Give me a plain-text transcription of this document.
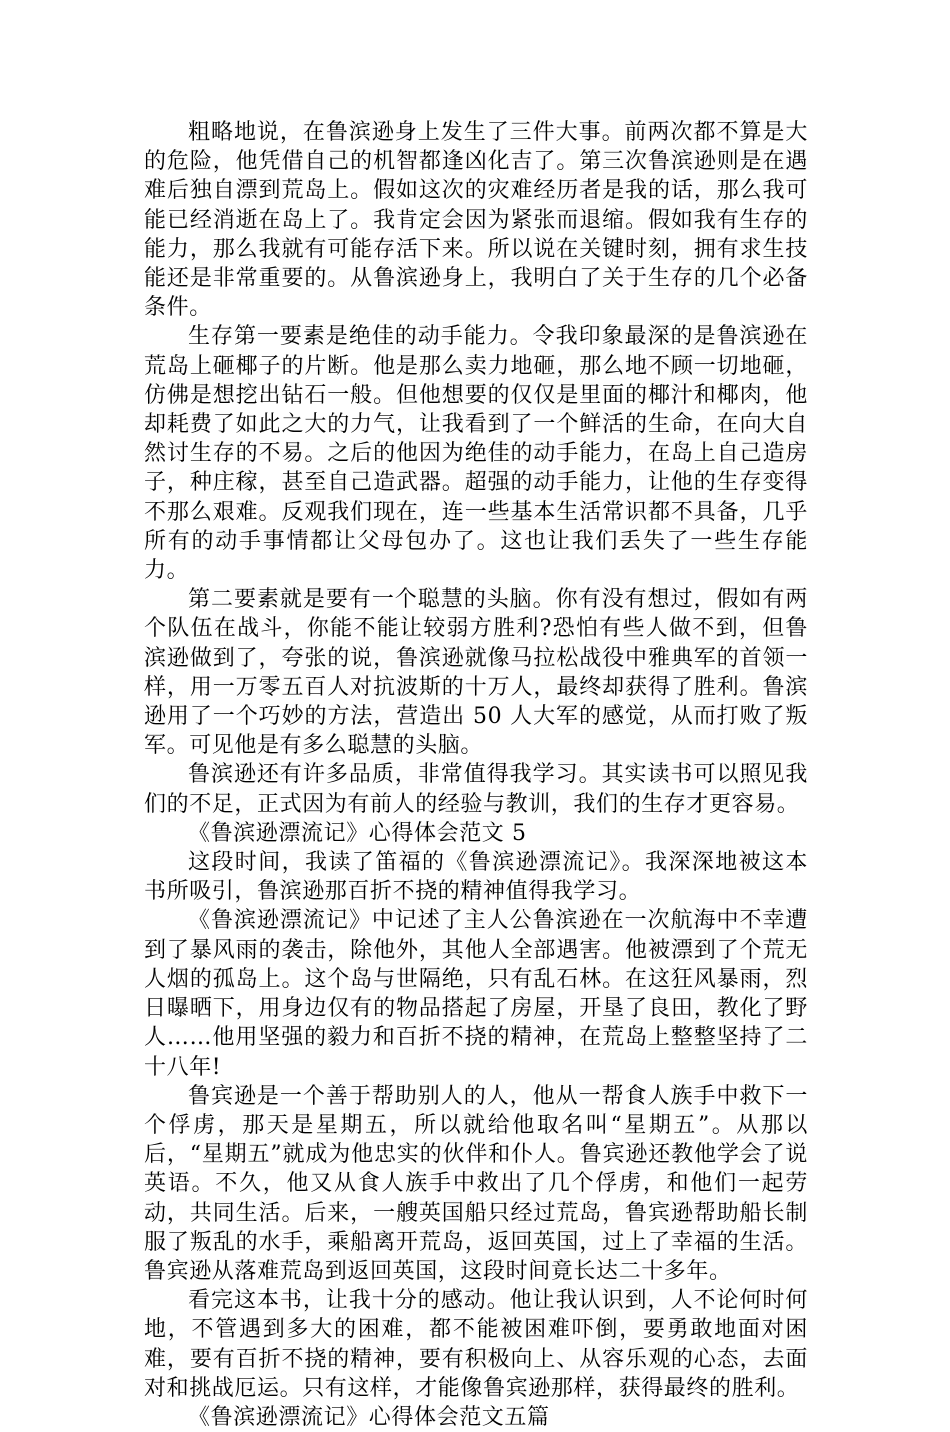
粗略地说，在鲁滨逊身上发生了三件大事。前两次都不算是大的危险，他凭借自己的机智都逢凶化吉了。第三次鲁滨逊则是在遇难后独自漂到荒岛上。假如这次的灾难经历者是我的话，那么我可能已经消逝在岛上了。我肯定会因为紧张而退缩。假如我有生存的能力，那么我就有可能存活下来。所以说在关键时刻，拥有求生技能还是非常重要的。从鲁滨逊身上，我明白了关于生存的几个必备条件。

生存第一要素是绝佳的动手能力。令我印象最深的是鲁滨逊在荒岛上砸椰子的片断。他是那么卖力地砸，那么地不顾一切地砸，仿佛是想挖出钻石一般。但他想要的仅仅是里面的椰汁和椰肉，他却耗费了如此之大的力气，让我看到了一个鲜活的生命，在向大自然讨生存的不易。之后的他因为绝佳的动手能力，在岛上自己造房子，种庄稼，甚至自己造武器。超强的动手能力，让他的生存变得不那么艰难。反观我们现在，连一些基本生活常识都不具备，几乎所有的动手事情都让父母包办了。这也让我们丢失了一些生存能力。

第二要素就是要有一个聪慧的头脑。你有没有想过，假如有两个队伍在战斗，你能不能让较弱方胜利?恐怕有些人做不到，但鲁滨逊做到了，夸张的说，鲁滨逊就像马拉松战役中雅典军的首领一样，用一万零五百人对抗波斯的十万人，最终却获得了胜利。鲁滨逊用了一个巧妙的方法，营造出 50 人大军的感觉，从而打败了叛军。可见他是有多么聪慧的头脑。

鲁滨逊还有许多品质，非常值得我学习。其实读书可以照见我们的不足，正式因为有前人的经验与教训，我们的生存才更容易。

《鲁滨逊漂流记》心得体会范文 5

这段时间，我读了笛福的《鲁滨逊漂流记》。我深深地被这本书所吸引，鲁滨逊那百折不挠的精神值得我学习。

《鲁滨逊漂流记》中记述了主人公鲁滨逊在一次航海中不幸遭到了暴风雨的袭击，除他外，其他人全部遇害。他被漂到了个荒无人烟的孤岛上。这个岛与世隔绝，只有乱石林。在这狂风暴雨，烈日曝晒下，用身边仅有的物品搭起了房屋，开垦了良田，教化了野人……他用坚强的毅力和百折不挠的精神，在荒岛上整整坚持了二十八年!

鲁宾逊是一个善于帮助别人的人，他从一帮食人族手中救下一个俘虏，那天是星期五，所以就给他取名叫“星期五”。从那以后，“星期五”就成为他忠实的伙伴和仆人。鲁宾逊还教他学会了说英语。不久，他又从食人族手中救出了几个俘虏，和他们一起劳动，共同生活。后来，一艘英国船只经过荒岛，鲁宾逊帮助船长制服了叛乱的水手，乘船离开荒岛，返回英国，过上了幸福的生活。鲁宾逊从落难荒岛到返回英国，这段时间竟长达二十多年。

看完这本书，让我十分的感动。他让我认识到，人不论何时何地，不管遇到多大的困难，都不能被困难吓倒，要勇敢地面对困难，要有百折不挠的精神，要有积极向上、从容乐观的心态，去面对和挑战厄运。只有这样，才能像鲁宾逊那样，获得最终的胜利。

《鲁滨逊漂流记》心得体会范文五篇
